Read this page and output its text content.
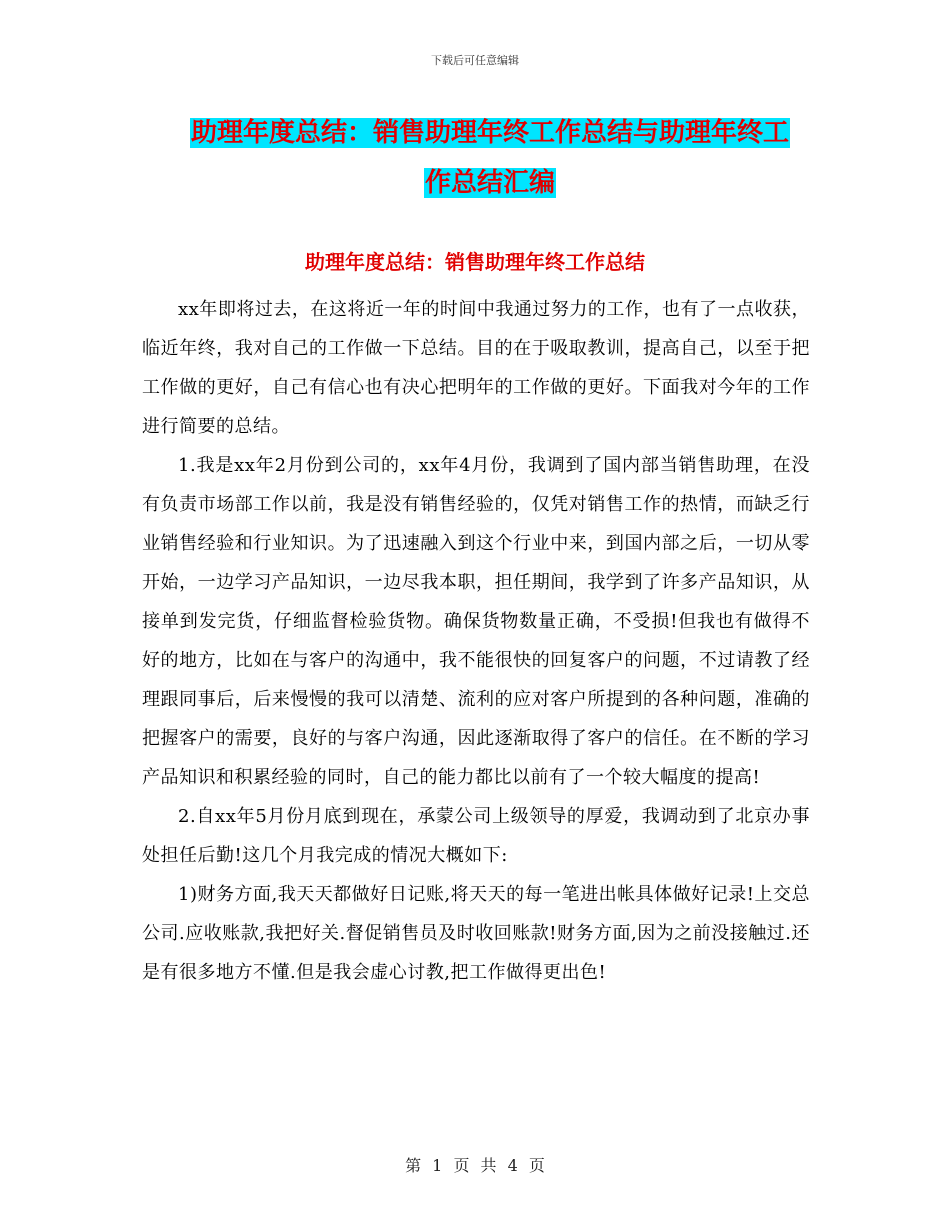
下载后可任意编辑
助理年度总结：销售助理年终工作总结与助理年终工
作总结汇编
助理年度总结：销售助理年终工作总结

xx年即将过去，在这将近一年的时间中我通过努力的工作，也有了一点收获，临近年终，我对自己的工作做一下总结。目的在于吸取教训，提高自己，以至于把工作做的更好，自己有信心也有决心把明年的工作做的更好。下面我对今年的工作进行简要的总结。

1.我是xx年2月份到公司的，xx年4月份，我调到了国内部当销售助理，在没有负责市场部工作以前，我是没有销售经验的，仅凭对销售工作的热情，而缺乏行业销售经验和行业知识。为了迅速融入到这个行业中来，到国内部之后，一切从零开始，一边学习产品知识，一边尽我本职，担任期间，我学到了许多产品知识，从接单到发完货，仔细监督检验货物。确保货物数量正确，不受损!但我也有做得不好的地方，比如在与客户的沟通中，我不能很快的回复客户的问题，不过请教了经理跟同事后，后来慢慢的我可以清楚、流利的应对客户所提到的各种问题，准确的把握客户的需要，良好的与客户沟通，因此逐渐取得了客户的信任。在不断的学习产品知识和积累经验的同时，自己的能力都比以前有了一个较大幅度的提高!

2.自xx年5月份月底到现在，承蒙公司上级领导的厚爱，我调动到了北京办事处担任后勤!这几个月我完成的情况大概如下:

1)财务方面,我天天都做好日记账,将天天的每一笔进出帐具体做好记录!上交总公司.应收账款,我把好关.督促销售员及时收回账款!财务方面,因为之前没接触过.还是有很多地方不懂.但是我会虚心讨教,把工作做得更出色!

第 1 页 共 4 页
